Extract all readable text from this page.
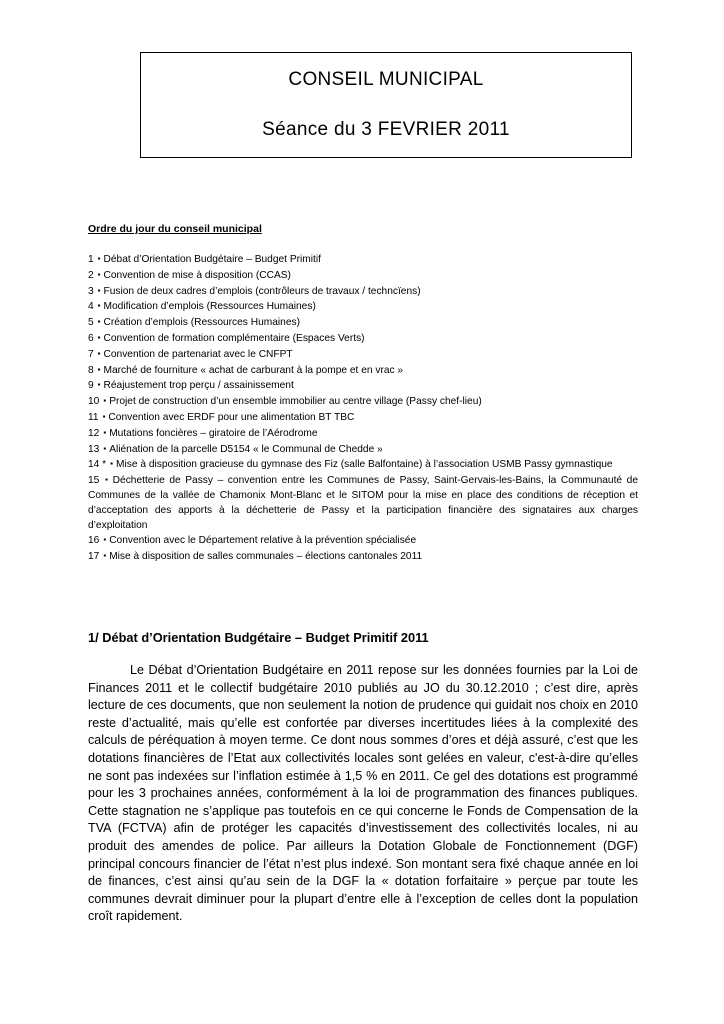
CONSEIL MUNICIPAL
Séance du 3 FEVRIER 2011
Ordre du jour du conseil municipal
1 ▪ Débat d’Orientation Budgétaire – Budget Primitif
2 ▪ Convention de mise à disposition (CCAS)
3 ▪ Fusion de deux cadres d’emplois (contrôleurs de travaux / techncïens)
4 ▪ Modification d’emplois (Ressources Humaines)
5 ▪ Création d’emplois (Ressources Humaines)
6 ▪ Convention de formation complémentaire (Espaces Verts)
7 ▪ Convention de partenariat avec le CNFPT
8 ▪ Marché de fourniture « achat de carburant à la pompe et en vrac »
9 ▪ Réajustement trop perçu / assainissement
10 ▪ Projet de construction d’un ensemble immobilier au centre village (Passy chef-lieu)
11 ▪ Convention avec ERDF pour une alimentation BT TBC
12 ▪ Mutations foncières – giratoire de l’Aérodrome
13 ▪ Aliénation de la parcelle D5154 « le Communal de Chedde »
14 * ▪ Mise à disposition gracieuse du gymnase des Fiz (salle Balfontaine) à l’association USMB Passy gymnastique
15 ▪ Déchetterie de Passy – convention entre les Communes de Passy, Saint-Gervais-les-Bains, la Communauté de Communes de la vallée de Chamonix Mont-Blanc et le SITOM pour la mise en place des conditions de réception et d’acceptation des apports à la déchetterie de Passy et la participation financière des signataires aux charges d’exploitation
16 ▪ Convention avec le Département relative à la prévention spécialisée
17 ▪ Mise à disposition de salles communales – élections cantonales 2011
1/ Débat d’Orientation Budgétaire – Budget Primitif 2011

Le Débat d’Orientation Budgétaire en 2011 repose sur les données fournies par la Loi de Finances 2011 et le collectif budgétaire 2010 publiés au JO du 30.12.2010 ; c’est dire, après lecture de ces documents, que non seulement la notion de prudence qui guidait nos choix en 2010 reste d’actualité, mais qu’elle est confortée par diverses incertitudes liées à la complexité des calculs de péréquation à moyen terme. Ce dont nous sommes d’ores et déjà assuré, c’est que les dotations financières de l’Etat aux collectivités locales sont gelées en valeur, c'est-à-dire qu’elles ne sont pas indexées sur l’inflation estimée à 1,5 % en 2011. Ce gel des dotations est programmé pour les 3 prochaines années, conformément à la loi de programmation des finances publiques. Cette stagnation ne s’applique pas toutefois en ce qui concerne le Fonds de Compensation de la TVA (FCTVA) afin de protéger les capacités d’investissement des collectivités locales, ni au produit des amendes de police. Par ailleurs la Dotation Globale de Fonctionnement (DGF) principal concours financier de l’état n’est plus indexé. Son montant sera fixé chaque année en loi de finances, c’est ainsi qu’au sein de la DGF la « dotation forfaitaire » perçue par toute les communes devrait diminuer pour la plupart d’entre elle à l’exception de celles dont la population croît rapidement.
